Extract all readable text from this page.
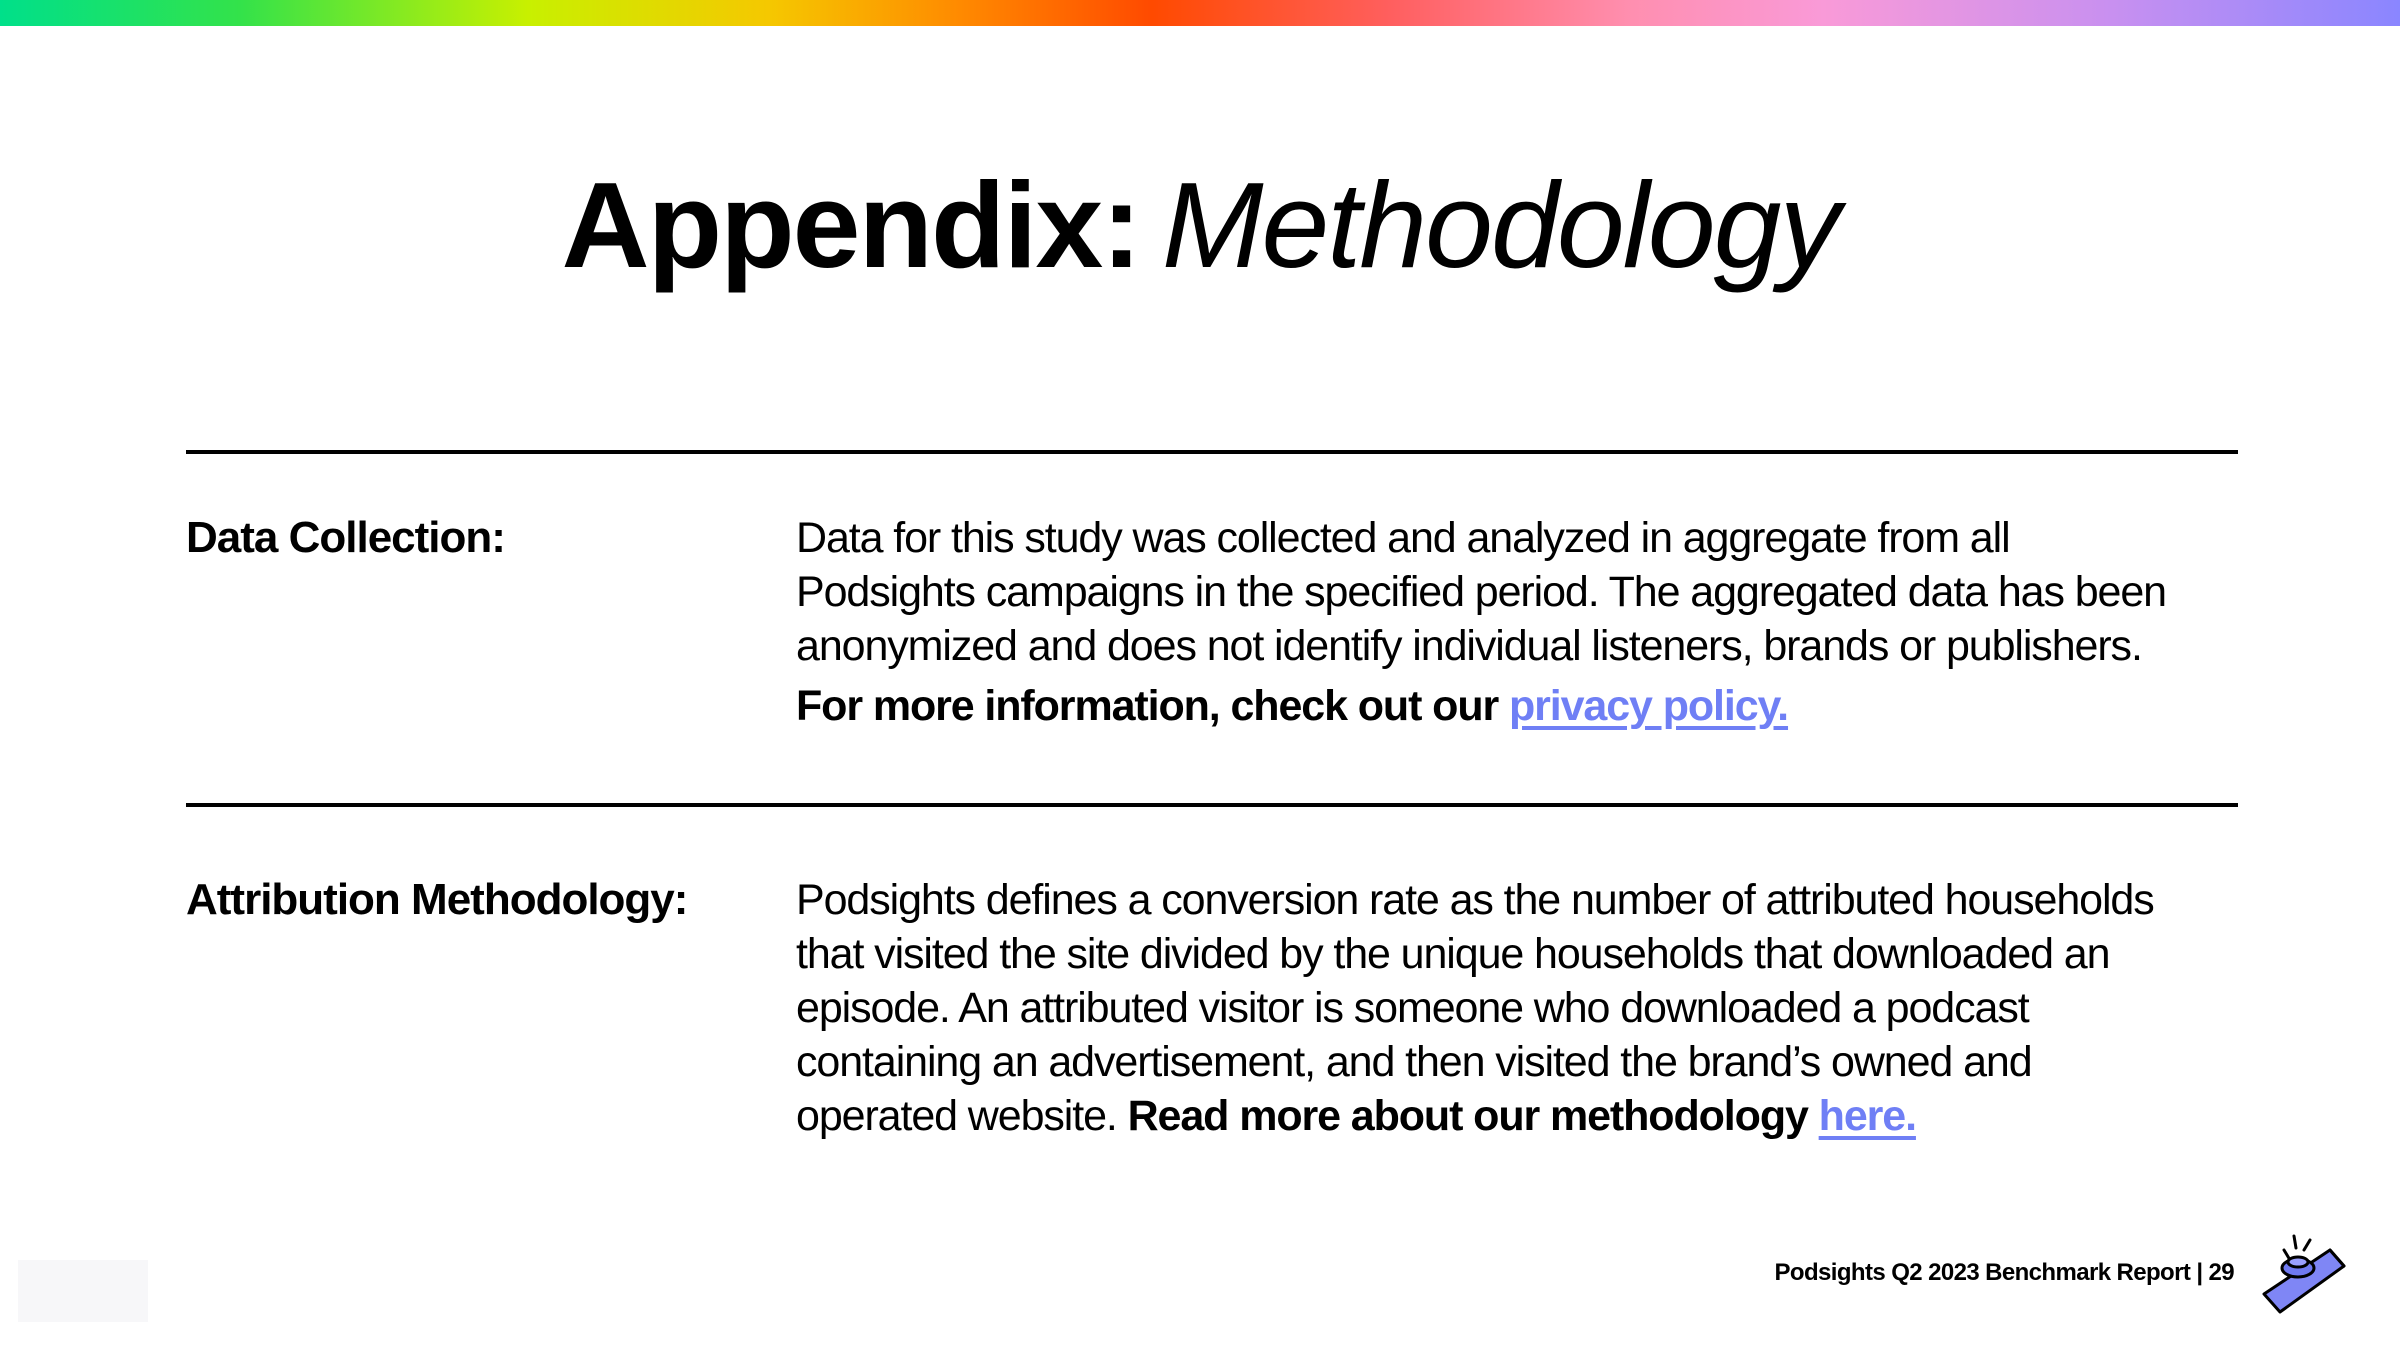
Appendix: Methodology
Data Collection:	Data for this study was collected and analyzed in aggregate from all
Podsights campaigns in the specified period. The aggregated data has been
anonymized and does not identify individual listeners, brands or publishers.
For more information, check out our privacy policy.
Attribution Methodology:	Podsights defines a conversion rate as the number of attributed households
that visited the site divided by the unique households that downloaded an
episode. An attributed visitor is someone who downloaded a podcast
containing an advertisement, and then visited the brand’s owned and
operated website. Read more about our methodology here.
Podsights Q2 2023 Benchmark Report | 29
